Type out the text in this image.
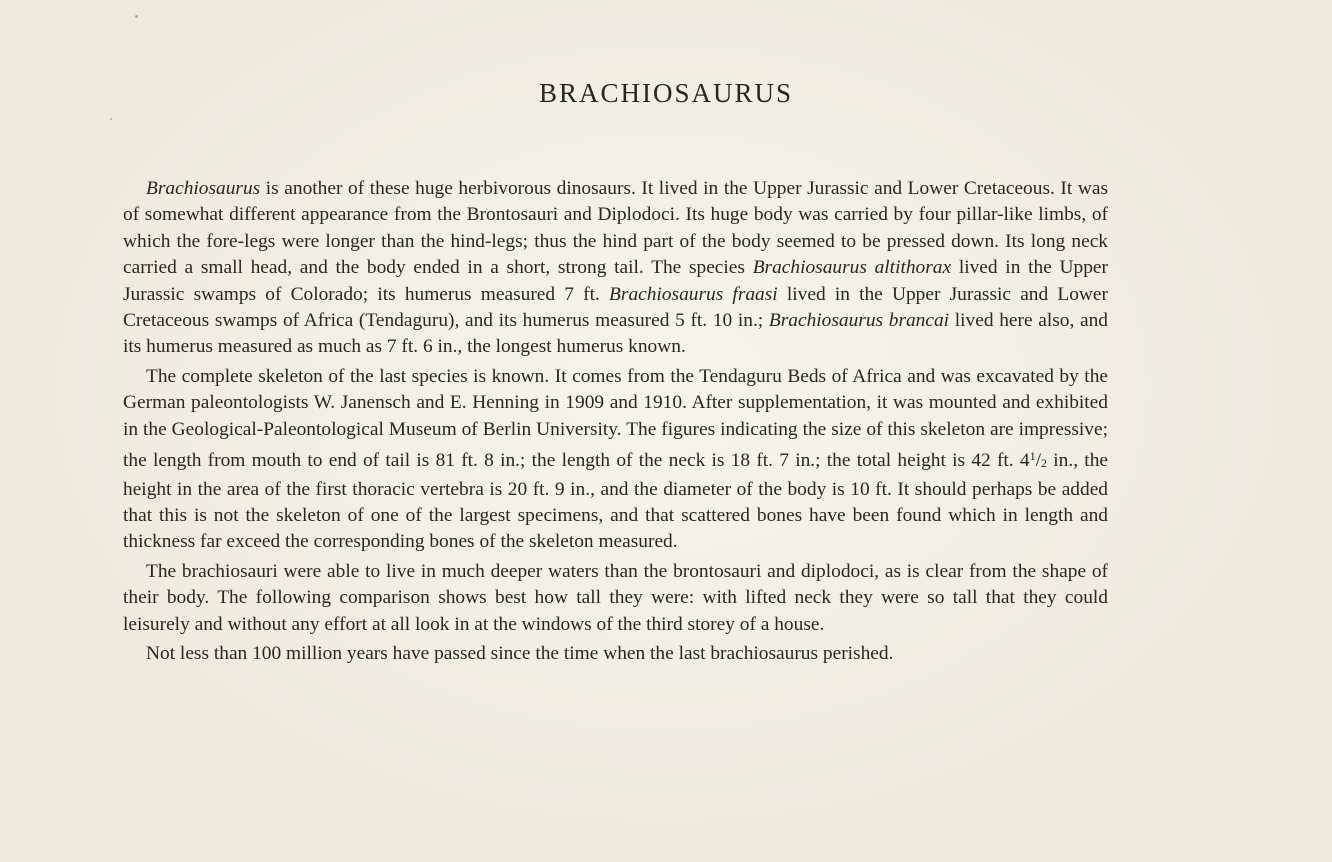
BRACHIOSAURUS

Brachiosaurus is another of these huge herbivorous dinosaurs. It lived in the Upper Jurassic and Lower Cretaceous. It was of somewhat different appearance from the Brontosauri and Diplodoci. Its huge body was carried by four pillar-like limbs, of which the fore-legs were longer than the hind-legs; thus the hind part of the body seemed to be pressed down. Its long neck carried a small head, and the body ended in a short, strong tail. The species Brachiosaurus altithorax lived in the Upper Jurassic swamps of Colorado; its humerus measured 7 ft. Brachiosaurus fraasi lived in the Upper Jurassic and Lower Cretaceous swamps of Africa (Tendaguru), and its humerus measured 5 ft. 10 in.; Brachiosaurus brancai lived here also, and its humerus measured as much as 7 ft. 6 in., the longest humerus known.

The complete skeleton of the last species is known. It comes from the Tendaguru Beds of Africa and was excavated by the German paleontologists W. Janensch and E. Henning in 1909 and 1910. After supplementation, it was mounted and exhibited in the Geological-Paleontological Museum of Berlin University. The figures indicating the size of this skeleton are impressive; the length from mouth to end of tail is 81 ft. 8 in.; the length of the neck is 18 ft. 7 in.; the total height is 42 ft. $4^1/2$ in., the height in the area of the first thoracic vertebra is 20 ft. 9 in., and the diameter of the body is 10 ft. It should perhaps be added that this is not the skeleton of one of the largest specimens, and that scattered bones have been found which in length and thickness far exceed the corresponding bones of the skeleton measured.

The brachiosauri were able to live in much deeper waters than the brontosauri and diplodoci, as is clear from the shape of their body. The following comparison shows best how tall they were: with lifted neck they were so tall that they could leisurely and without any effort at all look in at the windows of the third storey of a house.

Not less than 100 million years have passed since the time when the last brachiosaurus perished.
